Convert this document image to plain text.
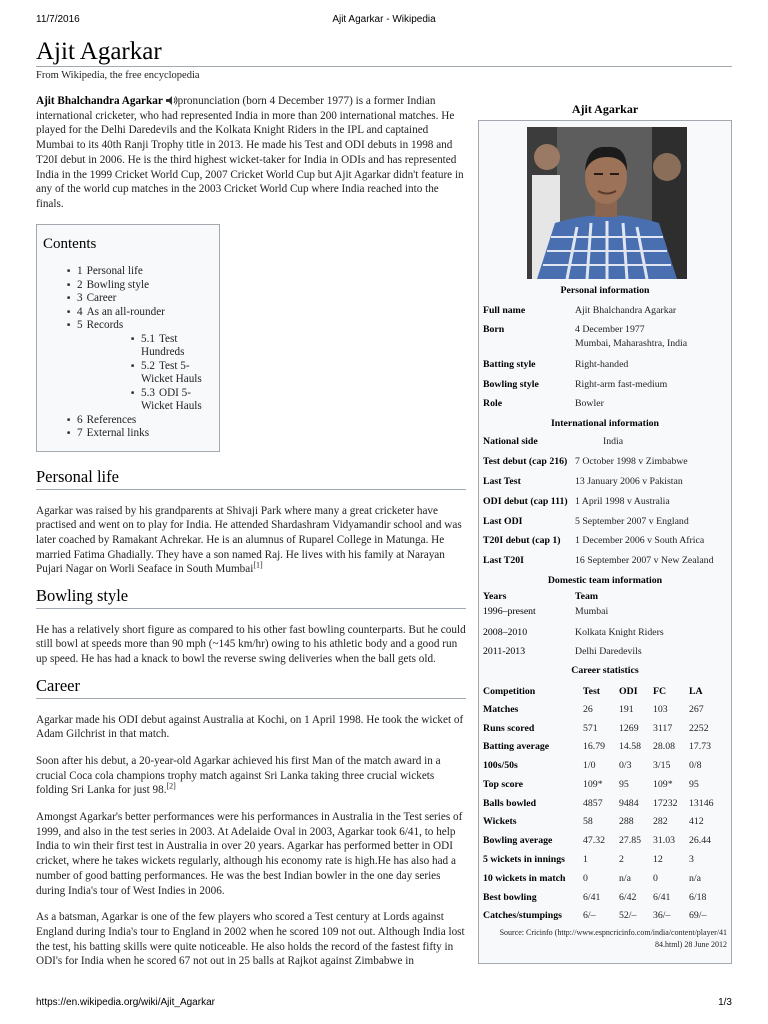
11/7/2016	Ajit Agarkar - Wikipedia
Ajit Agarkar
From Wikipedia, the free encyclopedia

Ajit Bhalchandra Agarkar pronunciation (born 4 December 1977) is a former Indian international cricketer, who had represented India in more than 200 international matches. He played for the Delhi Daredevils and the Kolkata Knight Riders in the IPL and captained Mumbai to its 40th Ranji Trophy title in 2013. He made his Test and ODI debuts in 1998 and T20I debut in 2006. He is the third highest wicket-taker for India in ODIs and has represented India in the 1999 Cricket World Cup, 2007 Cricket World Cup but Ajit Agarkar didn't feature in any of the world cup matches in the 2003 Cricket World Cup where India reached into the finals.

Contents
■ 1 Personal life
■ 2 Bowling style
■ 3 Career
■ 4 As an all-rounder
■ 5 Records
■ 5.1 Test Hundreds
■ 5.2 Test 5-Wicket Hauls
■ 5.3 ODI 5-Wicket Hauls
■ 6 References
■ 7 External links
Personal life

Agarkar was raised by his grandparents at Shivaji Park where many a great cricketer have practised and went on to play for India. He attended Shardashram Vidyamandir school and was later coached by Ramakant Achrekar. He is an alumnus of Ruparel College in Matunga. He married Fatima Ghadially. They have a son named Raj. He lives with his family at Narayan Pujari Nagar on Worli Seaface in South Mumbai[1]

Bowling style

He has a relatively short figure as compared to his other fast bowling counterparts. But he could still bowl at speeds more than 90 mph (~145 km/hr) owing to his athletic body and a good run up speed. He has had a knack to bowl the reverse swing deliveries when the ball gets old.

Career

Agarkar made his ODI debut against Australia at Kochi, on 1 April 1998. He took the wicket of Adam Gilchrist in that match.

Soon after his debut, a 20-year-old Agarkar achieved his first Man of the match award in a crucial Coca cola champions trophy match against Sri Lanka taking three crucial wickets folding Sri Lanka for just 98.[2]

Amongst Agarkar's better performances were his performances in Australia in the Test series of 1999, and also in the test series in 2003. At Adelaide Oval in 2003, Agarkar took 6/41, to help India to win their first test in Australia in over 20 years. Agarkar has performed better in ODI cricket, where he takes wickets regularly, although his economy rate is high.He has also had a number of good batting performances. He was the best Indian bowler in the one day series during India's tour of West Indies in 2006.

As a batsman, Agarkar is one of the few players who scored a Test century at Lords against England during India's tour to England in 2002 when he scored 109 not out. Although India lost the test, his batting skills were quite noticeable. He also holds the record of the fastest fifty in ODI's for India when he scored 67 not out in 25 balls at Rajkot against Zimbabwe in

Ajit Agarkar
Personal information
Full name	Ajit Bhalchandra Agarkar
Born	4 December 1977
Mumbai, Maharashtra, India
Batting style	Right-handed
Bowling style	Right-arm fast-medium
Role	Bowler
International information
National side	India
Test debut (cap 216) 7 October 1998 v Zimbabwe
Last Test	13 January 2006 v Pakistan
ODI debut (cap 111) 1 April 1998 v Australia
Last ODI	5 September 2007 v England
T20I debut (cap 1) 1 December 2006 v South Africa
Last T20I	16 September 2007 v New Zealand
Domestic team information
Years	Team
1996–present	Mumbai
2008–2010	Kolkata Knight Riders
2011-2013	Delhi Daredevils
Career statistics
Competition	Test ODI FC LA
Matches	26	191 103 267
Runs scored	571 1269 3117 2252
Batting average	16.79 14.58 28.08 17.73
100s/50s	1/0 0/3 3/15 0/8
Top score	109* 95 109* 95
Balls bowled	4857 9484 17232 13146
Wickets	58	288 282 412
Bowling average	47.32 27.85 31.03 26.44
5 wickets in innings 1	2	12	3
10 wickets in match 0	n/a 0	n/a
Best bowling	6/41 6/42 6/41 6/18
Catches/stumpings 6/– 52/– 36/– 69/–
Source: Cricinfo (http://www.espncricinfo.com/india/content/player/41
84.html) 28 June 2012
https://en.wikipedia.org/wiki/Ajit_Agarkar	1/3
